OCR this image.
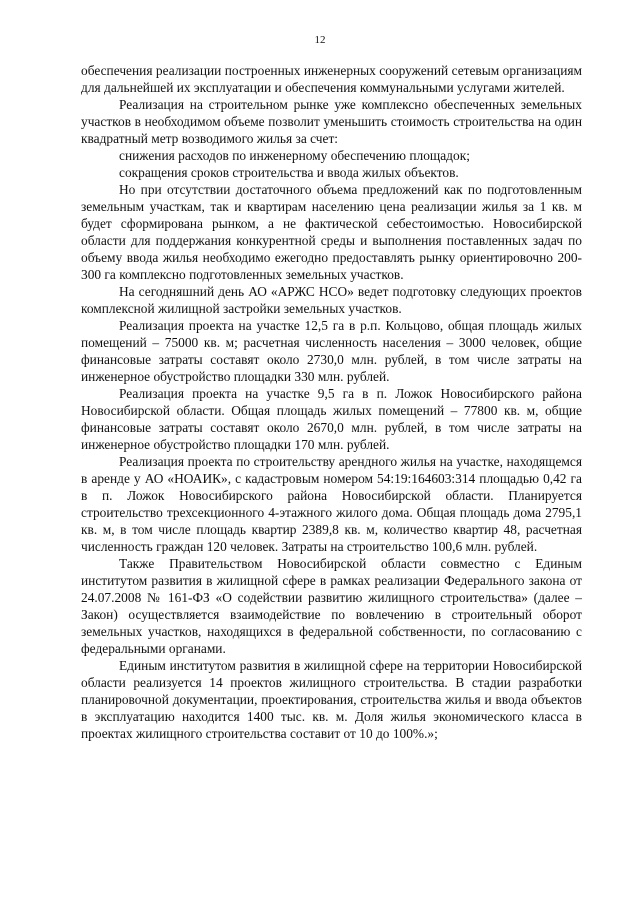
12

обеспечения реализации построенных инженерных сооружений сетевым организациям для дальнейшей их эксплуатации и обеспечения коммунальными услугами жителей.

Реализация на строительном рынке уже комплексно обеспеченных земельных участков в необходимом объеме позволит уменьшить стоимость строительства на один квадратный метр возводимого жилья за счет:

снижения расходов по инженерному обеспечению площадок;

сокращения сроков строительства и ввода жилых объектов.

Но при отсутствии достаточного объема предложений как по подготовленным земельным участкам, так и квартирам населению цена реализации жилья за 1 кв. м будет сформирована рынком, а не фактической себестоимостью. Новосибирской области для поддержания конкурентной среды и выполнения поставленных задач по объему ввода жилья необходимо ежегодно предоставлять рынку ориентировочно 200-300 га комплексно подготовленных земельных участков.

На сегодняшний день АО «АРЖС НСО» ведет подготовку следующих проектов комплексной жилищной застройки земельных участков.

Реализация проекта на участке 12,5 га в р.п. Кольцово, общая площадь жилых помещений – 75000 кв. м; расчетная численность населения – 3000 человек, общие финансовые затраты составят около 2730,0 млн. рублей, в том числе затраты на инженерное обустройство площадки 330 млн. рублей.

Реализация проекта на участке 9,5 га в п. Ложок Новосибирского района Новосибирской области. Общая площадь жилых помещений – 77800 кв. м, общие финансовые затраты составят около 2670,0 млн. рублей, в том числе затраты на инженерное обустройство площадки 170 млн. рублей.

Реализация проекта по строительству арендного жилья на участке, находящемся в аренде у АО «НОАИК», с кадастровым номером 54:19:164603:314 площадью 0,42 га в п. Ложок Новосибирского района Новосибирской области. Планируется строительство трехсекционного 4-этажного жилого дома. Общая площадь дома 2795,1 кв. м, в том числе площадь квартир 2389,8 кв. м, количество квартир 48, расчетная численность граждан 120 человек. Затраты на строительство 100,6 млн. рублей.

Также Правительством Новосибирской области совместно с Единым институтом развития в жилищной сфере в рамках реализации Федерального закона от 24.07.2008 № 161-ФЗ «О содействии развитию жилищного строительства» (далее – Закон) осуществляется взаимодействие по вовлечению в строительный оборот земельных участков, находящихся в федеральной собственности, по согласованию с федеральными органами.

Единым институтом развития в жилищной сфере на территории Новосибирской области реализуется 14 проектов жилищного строительства. В стадии разработки планировочной документации, проектирования, строительства жилья и ввода объектов в эксплуатацию находится 1400 тыс. кв. м. Доля жилья экономического класса в проектах жилищного строительства составит от 10 до 100%.»;
